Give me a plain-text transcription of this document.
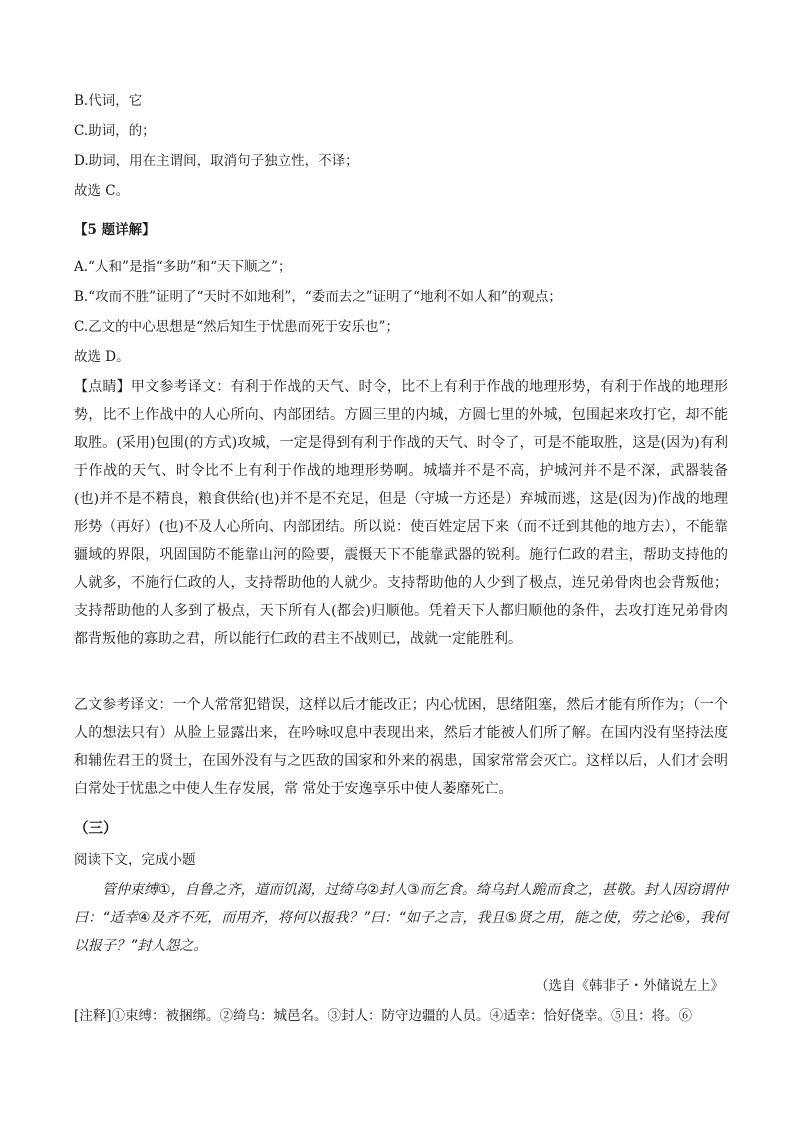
B.代词，它
C.助词，的；
D.助词，用在主谓间，取消句子独立性，不译；
故选 C。
【5 题详解】
A.“人和”是指“多助”和“天下顺之”；
B.“攻而不胜”证明了“天时不如地利”，“委而去之”证明了“地利不如人和”的观点；
C.乙文的中心思想是“然后知生于忧患而死于安乐也”；
故选 D。
【点睛】甲文参考译文：有利于作战的天气、时令，比不上有利于作战的地理形势，有利于作战的地理形势，比不上作战中的人心所向、内部团结。方圆三里的内城，方圆七里的外城，包围起来攻打它，却不能取胜。(采用)包围(的方式)攻城，一定是得到有利于作战的天气、时令了，可是不能取胜，这是(因为)有利于作战的天气、时令比不上有利于作战的地理形势啊。城墙并不是不高，护城河并不是不深，武器装备(也)并不是不精良，粮食供给(也)并不是不充足，但是（守城一方还是）弃城而逃，这是(因为)作战的地理形势（再好）(也)不及人心所向、内部团结。所以说：使百姓定居下来（而不迁到其他的地方去），不能靠疆域的界限，巩固国防不能靠山河的险要，震慑天下不能靠武器的锐利。施行仁政的君主，帮助支持他的人就多，不施行仁政的人，支持帮助他的人就少。支持帮助他的人少到了极点，连兄弟骨肉也会背叛他；支持帮助他的人多到了极点，天下所有人(都会)归顺他。凭着天下人都归顺他的条件，去攻打连兄弟骨肉都背叛他的寡助之君，所以能行仁政的君主不战则已，战就一定能胜利。
乙文参考译文：一个人常常犯错误，这样以后才能改正；内心忧困，思绪阻塞，然后才能有所作为；（一个人的想法只有）从脸上显露出来，在吟咏叹息中表现出来，然后才能被人们所了解。在国内没有坚持法度和辅佐君王的贤士，在国外没有与之匹敌的国家和外来的祸患，国家常常会灭亡。这样以后，人们才会明白常处于忧患之中使人生存发展，常 常处于安逸享乐中使人萎靡死亡。
（三）
阅读下文，完成小题
管仲束缚①，自鲁之齐，道而饥渴，过绮乌②封人③而乞食。绮乌封人跪而食之，甚敬。封人因窃谓仲曰：“适幸④及齐不死，而用齐，将何以报我？”曰：“如子之言，我且⑤贤之用，能之使，劳之论⑥，我何以报子？”封人怨之。
（选自《韩非子・外储说左上》
[注释]①束缚：被捆绑。②绮乌：城邑名。③封人：防守边疆的人员。④适幸：恰好侥幸。⑤且：将。⑥
